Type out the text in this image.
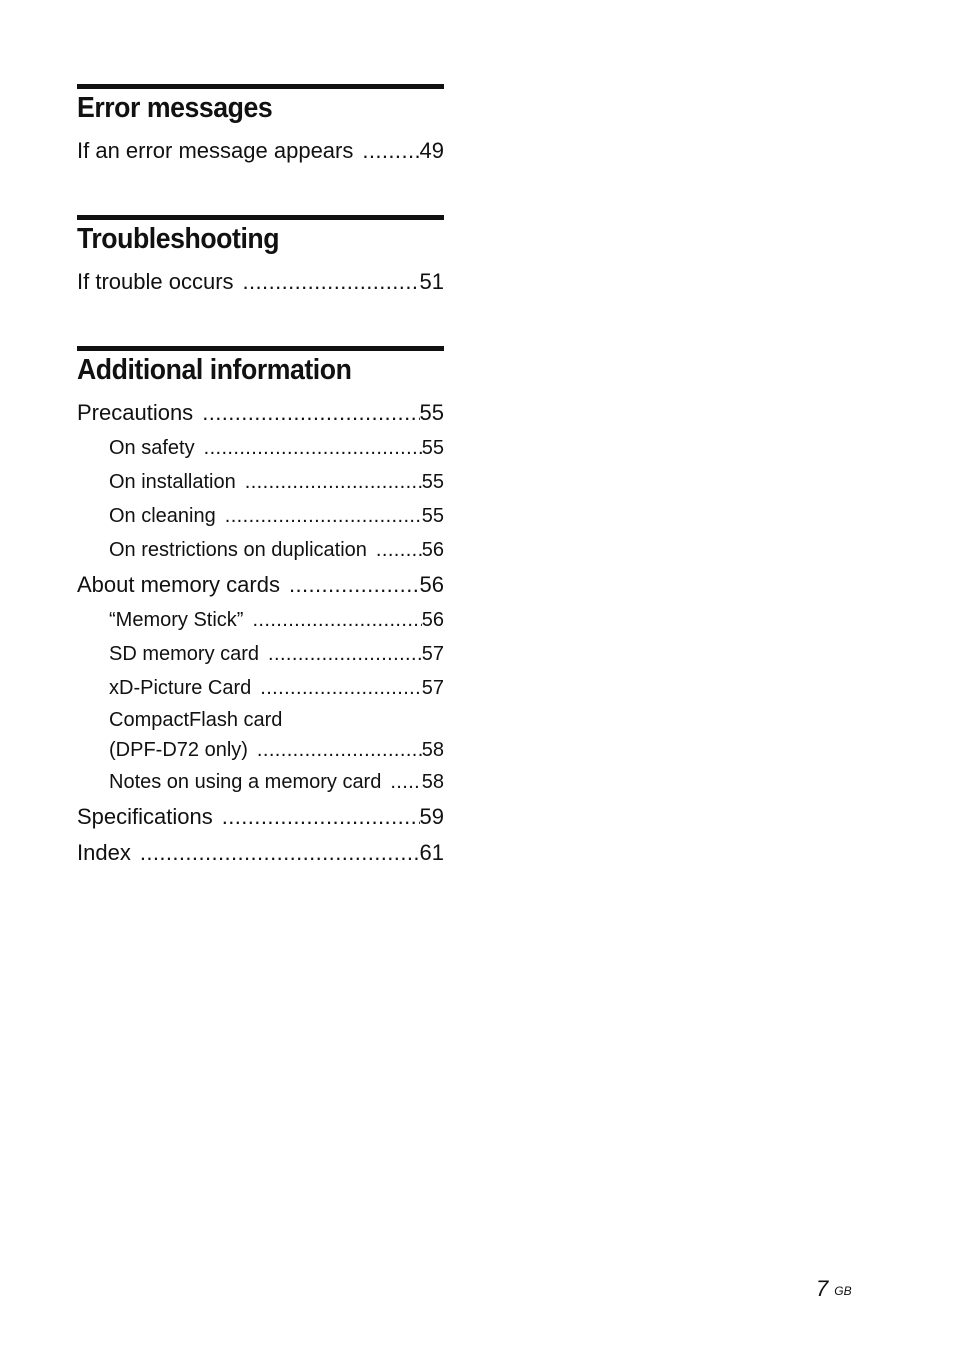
Error messages
If an error message appears .....	49
Troubleshooting
If trouble occurs .....	51
Additional information
Precautions .....	55
On safety .....	55
On installation .....	55
On cleaning .....	55
On restrictions on duplication .....	56
About memory cards .....	56
“Memory Stick” .....	56
SD memory card .....	57
xD-Picture Card .....	57
CompactFlash card
(DPF-D72 only) .....	58
Notes on using a memory card ..... 58
Specifications .....	59
Index .....	61
7 $^{GB}$
